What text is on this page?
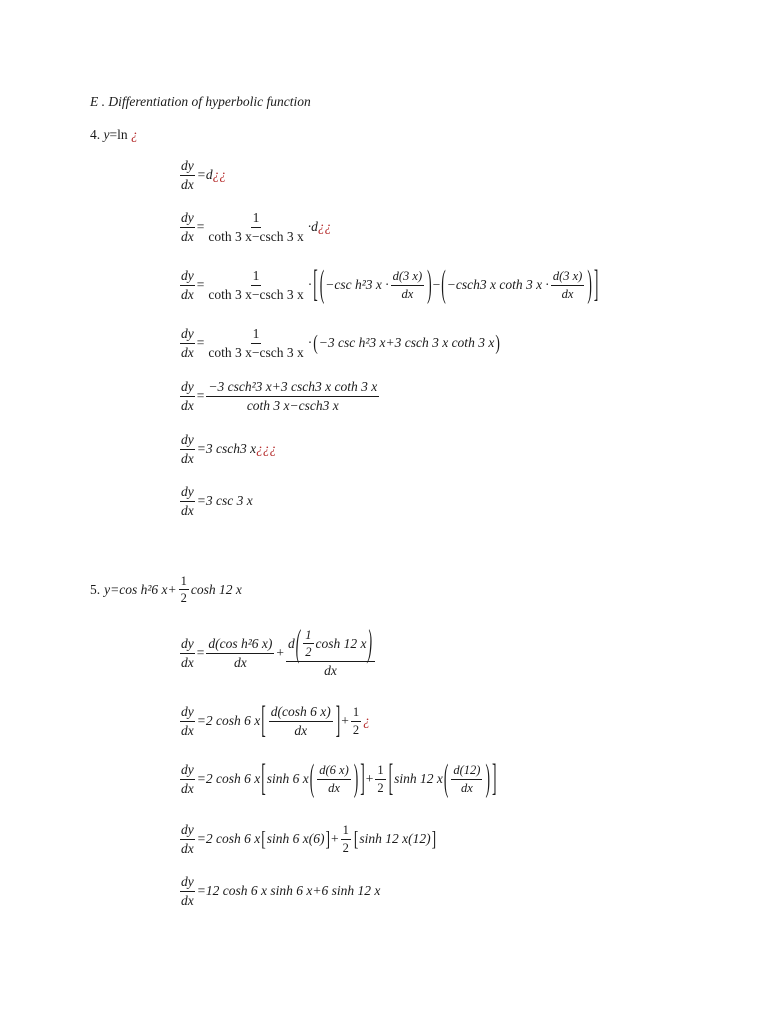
E . Differentiation of hyperbolic function
4. y=ln ¿
$\frac{dy}{dx} =d$ ¿¿
$\frac{dy}{dx} = \frac{1}{\cot h 3 x-\csc h 3 x} \cdot d$ ¿¿
$\frac{dy}{dx} = \frac{1}{\cot h 3 x-\csc h 3 x}$ · [ ( −csc h²3 $x \cdot \frac{d(3 x)}{dx}$ ) − ( −csch3 x coth 3 $x \cdot \frac{d(3 x)}{dx}$ ) ]
$\frac{dy}{dx} = \frac{1}{\cot h 3 x-\csc h 3 x}$ · ( −3 csc h²3 x+3 csch 3 x coth 3 x )
$\frac{dy}{dx} = \frac{\text{−3 csch²3 x+3 csch3 x coth 3 x}}{\cot h 3 x-\csc h3 x}$
$\frac{dy}{dx} =3$ csch3 x ¿¿¿
$\frac{dy}{dx} =3$ csc 3 x
5. y=cos h²6 $x+ \frac{1}{2}$ cosh 12 x
$\frac{dy}{dx} = \frac{\text{d(cos h²6 x)}}{dx} + \frac{d ( \frac{1}{2} \cosh 12 x )}{dx}$
$\frac{dy}{dx} =2$ cosh 6 x [ $\frac{d(\cosh 6 x)}{dx}$ ] + $\frac{1}{2}$ ¿
$\frac{dy}{dx} =2$ cosh 6 x [ sinh 6 x ( $\frac{d(6 x)}{dx}$ ) ] + $\frac{1}{2}$ [ sinh 12 x ( $\frac{d(12)}{dx}$ ) ]
$\frac{dy}{dx} =2$ cosh 6 x [ sinh 6 x(6) ] + $\frac{1}{2}$ [ sinh 12 x(12) ]
$\frac{dy}{dx} =12$ cosh 6 x sinh 6 x+6 sinh 12 x
